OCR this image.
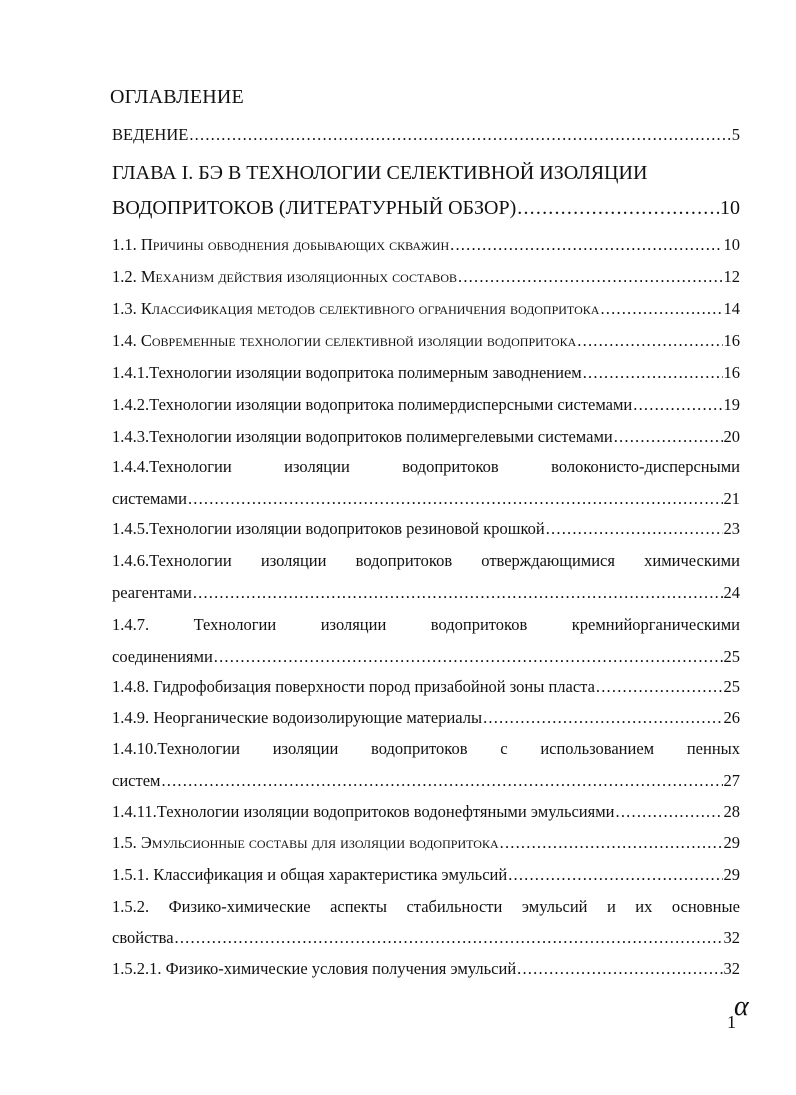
ОГЛАВЛЕНИЕ
ВЕДЕНИЕ .....	5
ГЛАВА I. БЭ В ТЕХНОЛОГИИ СЕЛЕКТИВНОЙ ИЗОЛЯЦИИ
ВОДОПРИТОКОВ (ЛИТЕРАТУРНЫЙ ОБЗОР) .....	10
1.1. Причины обводнения добывающих скважин .....	10
1.2. Механизм действия изоляционных составов .....	12
1.3. Классификация методов селективного ограничения водопритока .....	14
1.4. Современные технологии селективной изоляции водопритока .....	16
1.4.1.Технологии изоляции водопритока полимерным заводнением .....	16
1.4.2.Технологии изоляции водопритока полимердисперсными системами .....	19
1.4.3.Технологии изоляции водопритоков полимергелевыми системами .....	20
1.4.4.Технологии	изоляции	водопритоков	волоконисто-дисперсными
системами .....	21
1.4.5.Технологии изоляции водопритоков резиновой крошкой .....	23
1.4.6.Технологии изоляции водопритоков отверждающимися химическими
реагентами .....	24
1.4.7.	Технологии	изоляции	водопритоков	кремнийорганическими
соединениями .....	25
1.4.8. Гидрофобизация поверхности пород призабойной зоны пласта .....	25
1.4.9. Неорганические водоизолирующие материалы .....	26
1.4.10.Технологии изоляции водопритоков с использованием пенных
систем .....	27
1.4.11.Технологии изоляции водопритоков водонефтяными эмульсиями .....	28
1.5. Эмульсионные составы для изоляции водопритока .....	29
1.5.1. Классификация и общая характеристика эмульсий .....	29
1.5.2. Физико-химические аспекты стабильности эмульсий и их основные
свойства .....	32
1.5.2.1. Физико-химические условия получения эмульсий .....	32
α
1
